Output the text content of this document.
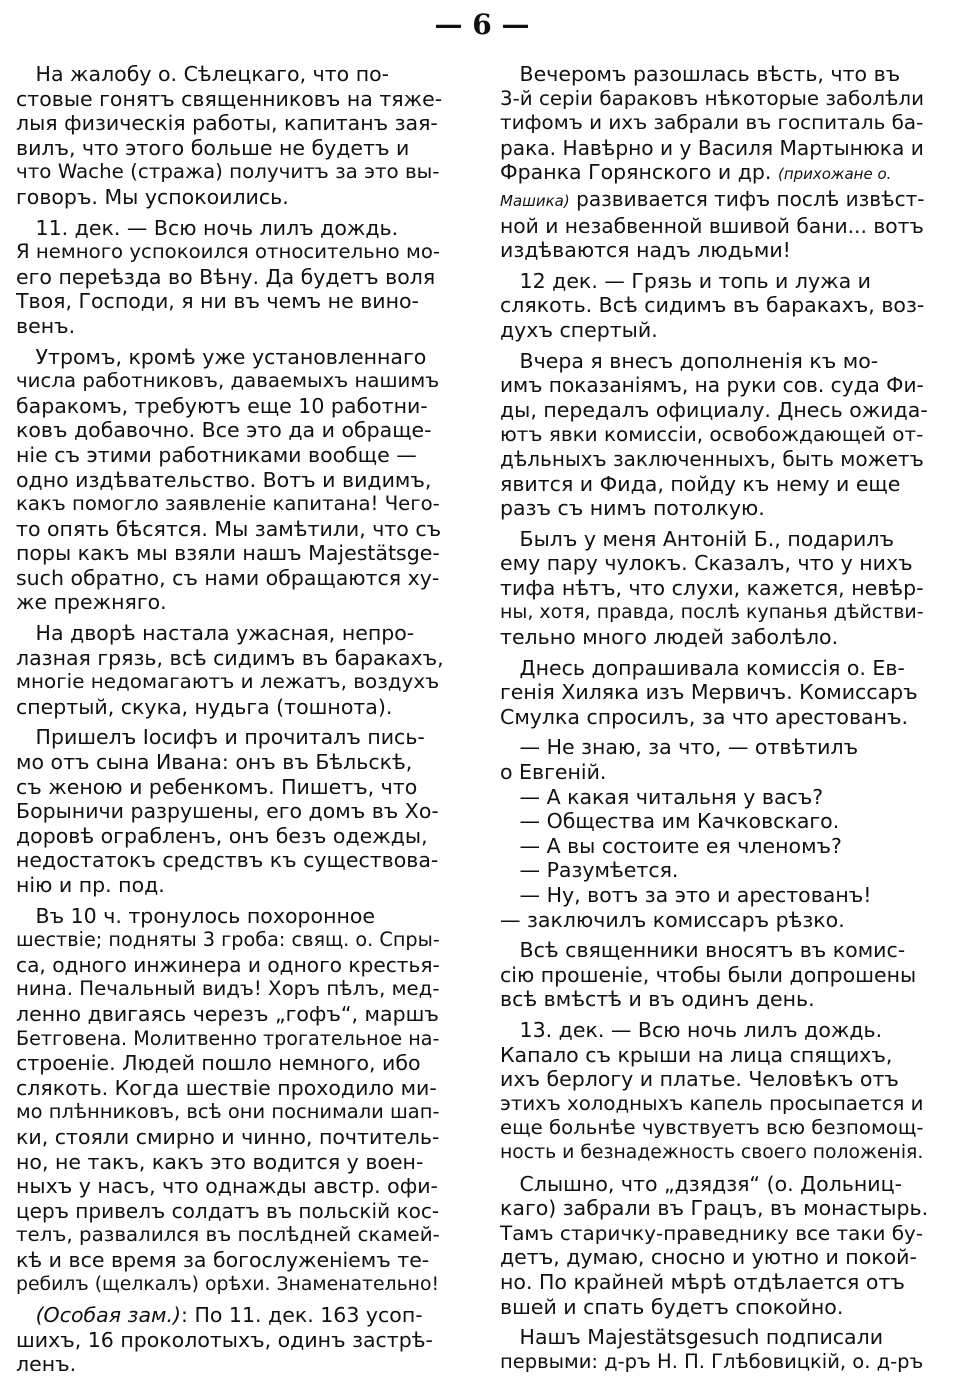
— 6 —
На жалобу о. Сѣлецкаго, что по-
стовые гонятъ священниковъ на тяже-
лыя физическія работы, капитанъ зая-
вилъ, что этого больше не будетъ и
что Wache (стража) получитъ за это вы-
говоръ. Мы успокоились.
11. дек. — Всю ночь лилъ дождь.
Я немного успокоился относительно мо-
его переѣзда во Вѣну. Да будетъ воля
Твоя, Господи, я ни въ чемъ не вино-
венъ.
Утромъ, кромѣ уже установленнаго
числа работниковъ, даваемыхъ нашимъ
баракомъ, требуютъ еще 10 работни-
ковъ добавочно. Все это да и обраще-
ніе съ этими работниками вообще —
одно издѣвательство. Вотъ и видимъ,
какъ помогло заявленіе капитана! Чего-
то опять бѣсятся. Мы замѣтили, что съ
поры какъ мы взяли нашъ Majestätsge-
such обратно, съ нами обращаются ху-
же прежняго.
На дворѣ настала ужасная, непро-
лазная грязь, всѣ сидимъ въ баракахъ,
многіе недомагаютъ и лежатъ, воздухъ
спертый, скука, нудьга (тошнота).
Пришелъ Іосифъ и прочиталъ пись-
мо отъ сына Ивана: онъ въ Бѣльскѣ,
съ женою и ребенкомъ. Пишетъ, что
Борыничи разрушены, его домъ въ Хо-
доровѣ ограбленъ, онъ безъ одежды,
недостатокъ средствъ къ существова-
нію и пр. под.
Въ 10 ч. тронулось похоронное
шествіе; подняты 3 гроба: свящ. о. Спры-
са, одного инжинера и одного крестья-
нина. Печальный видъ! Хоръ пѣлъ, мед-
ленно двигаясь черезъ „гофъ“, маршъ
Бетговена. Молитвенно трогательное на-
строеніе. Людей пошло немного, ибо
слякоть. Когда шествіе проходило ми-
мо плѣнниковъ, всѣ они поснимали шап-
ки, стояли смирно и чинно, почтитель-
но, не такъ, какъ это водится у воен-
ныхъ у насъ, что однажды австр. офи-
церъ привелъ солдатъ въ польскій кос-
телъ, развалился въ послѣдней скамей-
кѣ и все время за богослуженіемъ те-
ребилъ (щелкалъ) орѣхи. Знаменательно!
(Особая зам.): По 11. дек. 163 усоп-
шихъ, 16 проколотыхъ, одинъ застрѣ-
ленъ.
Вечеромъ разошлась вѣсть, что въ
3-й серіи бараковъ нѣкоторые заболѣли
тифомъ и ихъ забрали въ госпиталь ба-
рака. Навѣрно и у Василя Мартынюка и
Франка Горянского и др. (прихожане о.
Машика) развивается тифъ послѣ извѣст-
ной и незабвенной вшивой бани... вотъ
издѣваются надъ людьми!
12 дек. — Грязь и топь и лужа и
слякоть. Всѣ сидимъ въ баракахъ, воз-
духъ спертый.
Вчера я внесъ дополненія къ мо-
имъ показаніямъ, на руки сов. суда Фи-
ды, передалъ официалу. Днесь ожида-
ютъ явки комиссіи, освобождающей от-
дѣльныхъ заключенныхъ, быть можетъ
явится и Фида, пойду къ нему и еще
разъ съ нимъ потолкую.
Былъ у меня Антоній Б., подарилъ
ему пару чулокъ. Сказалъ, что у нихъ
тифа нѣтъ, что слухи, кажется, невѣр-
ны, хотя, правда, послѣ купанья дѣйстви-
тельно много людей заболѣло.
Днесь допрашивала комиссія о. Ев-
генія Хиляка изъ Мервичъ. Комиссаръ
Смулка спросилъ, за что арестованъ.
— Не знаю, за что, — отвѣтилъ
о Евгеній.
— А какая читальня у васъ?
— Общества им Качковскаго.
— А вы состоите ея членомъ?
— Разумѣется.
— Ну, вотъ за это и арестованъ!
— заключилъ комиссаръ рѣзко.
Всѣ священники вносятъ въ комис-
сію прошеніе, чтобы были допрошены
всѣ вмѣстѣ и въ одинъ день.
13. дек. — Всю ночь лилъ дождь.
Капало съ крыши на лица спящихъ,
ихъ берлогу и платье. Человѣкъ отъ
этихъ холодныхъ капель просыпается и
еще больнѣе чувствуетъ всю безпомощ-
ность и безнадежность своего положенія.
Слышно, что „дзядзя“ (о. Дольниц-
каго) забрали въ Грацъ, въ монастырь.
Тамъ старичку-праведнику все таки бу-
детъ, думаю, сносно и уютно и покой-
но. По крайней мѣрѣ отдѣлается отъ
вшей и спать будетъ спокойно.
Нашъ Majestätsgesuch подписали
первыми: д-ръ Н. П. Глѣбовицкій, о. д-ръ
